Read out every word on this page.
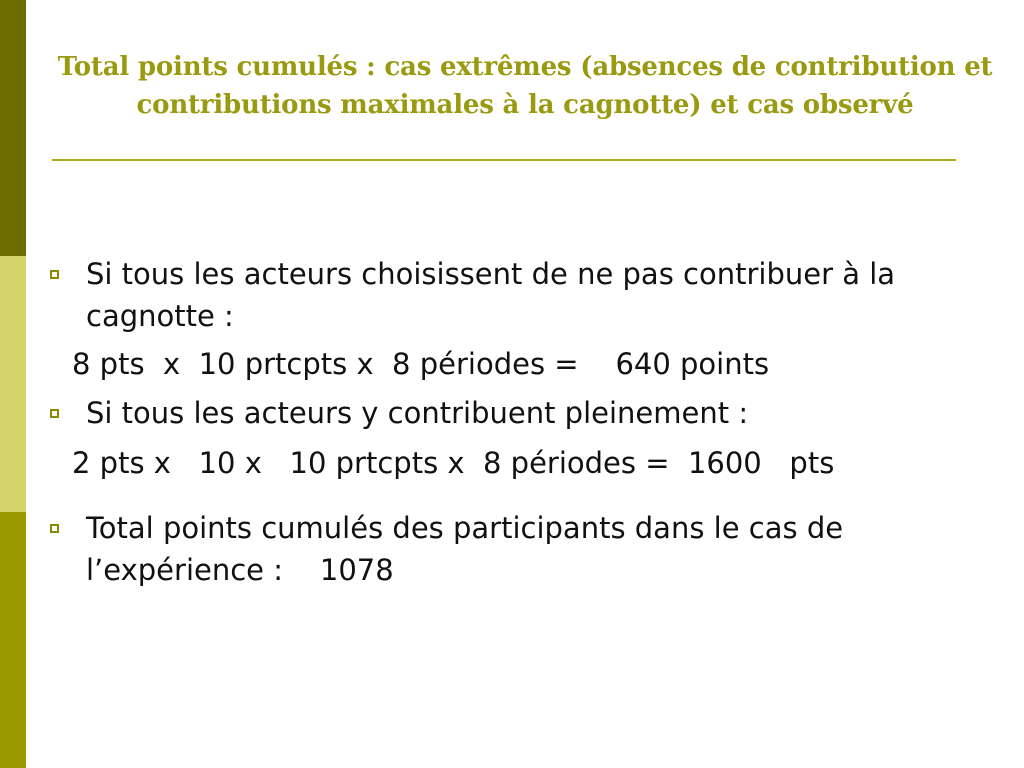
Total points cumulés : cas extrêmes (absences de contribution et contributions maximales à la cagnotte) et cas observé
Si tous les acteurs choisissent de ne pas contribuer à la cagnotte :
8 pts  x  10 prtcpts x  8 périodes =    640 points
Si tous les acteurs y contribuent pleinement :
2 pts x   10 x   10 prtcpts x  8 périodes =  1600   pts
Total points cumulés des participants dans le cas de l’expérience :    1078
